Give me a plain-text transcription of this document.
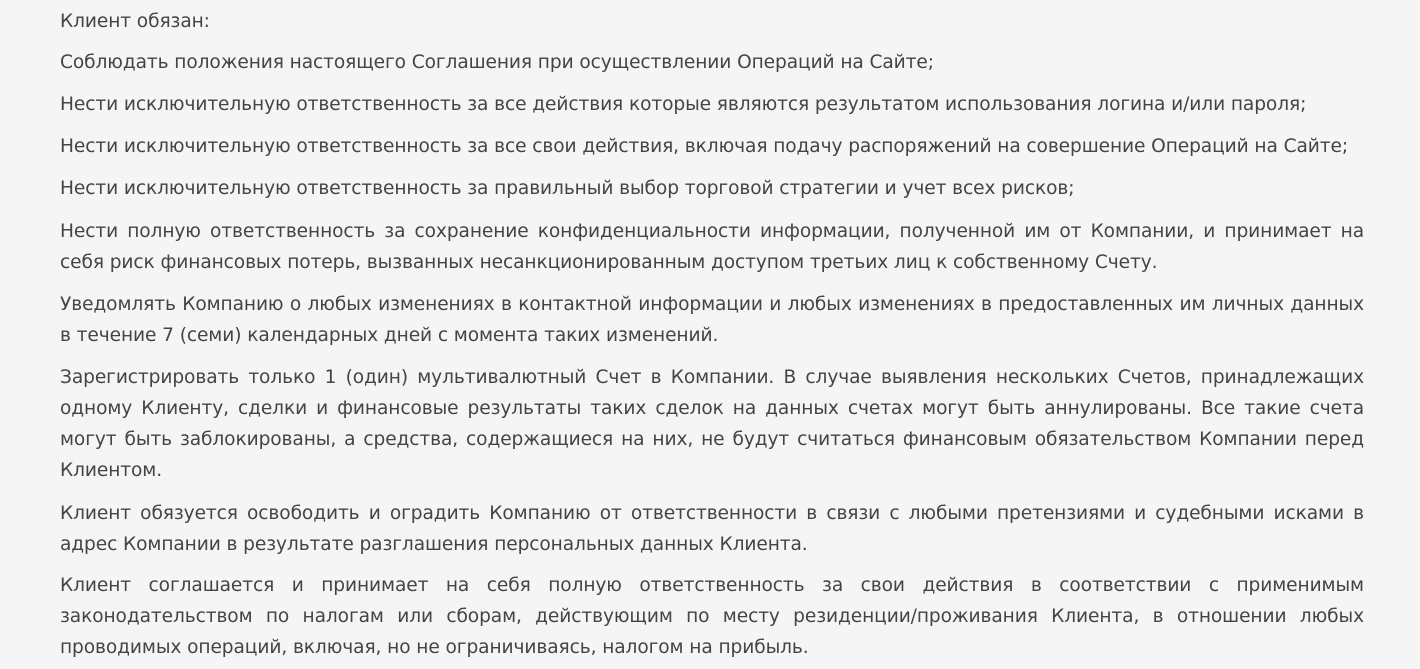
Клиент обязан:

Соблюдать положения настоящего Соглашения при осуществлении Операций на Сайте;

Нести исключительную ответственность за все действия которые являются результатом использования логина и/или пароля;

Нести исключительную ответственность за все свои действия, включая подачу распоряжений на совершение Операций на Сайте;

Нести исключительную ответственность за правильный выбор торговой стратегии и учет всех рисков;

Нести полную ответственность за сохранение конфиденциальности информации, полученной им от Компании, и принимает на себя риск финансовых потерь, вызванных несанкционированным доступом третьих лиц к собственному Счету.

Уведомлять Компанию о любых изменениях в контактной информации и любых изменениях в предоставленных им личных данных в течение 7 (семи) календарных дней с момента таких изменений.

Зарегистрировать только 1 (один) мультивалютный Счет в Компании. В случае выявления нескольких Счетов, принадлежащих одному Клиенту, сделки и финансовые результаты таких сделок на данных счетах могут быть аннулированы. Все такие счета могут быть заблокированы, а средства, содержащиеся на них, не будут считаться финансовым обязательством Компании перед Клиентом.

Клиент обязуется освободить и оградить Компанию от ответственности в связи с любыми претензиями и судебными исками в адрес Компании в результате разглашения персональных данных Клиента.

Клиент соглашается и принимает на себя полную ответственность за свои действия в соответствии с применимым законодательством по налогам или сборам, действующим по месту резиденции/проживания Клиента, в отношении любых проводимых операций, включая, но не ограничиваясь, налогом на прибыль.
